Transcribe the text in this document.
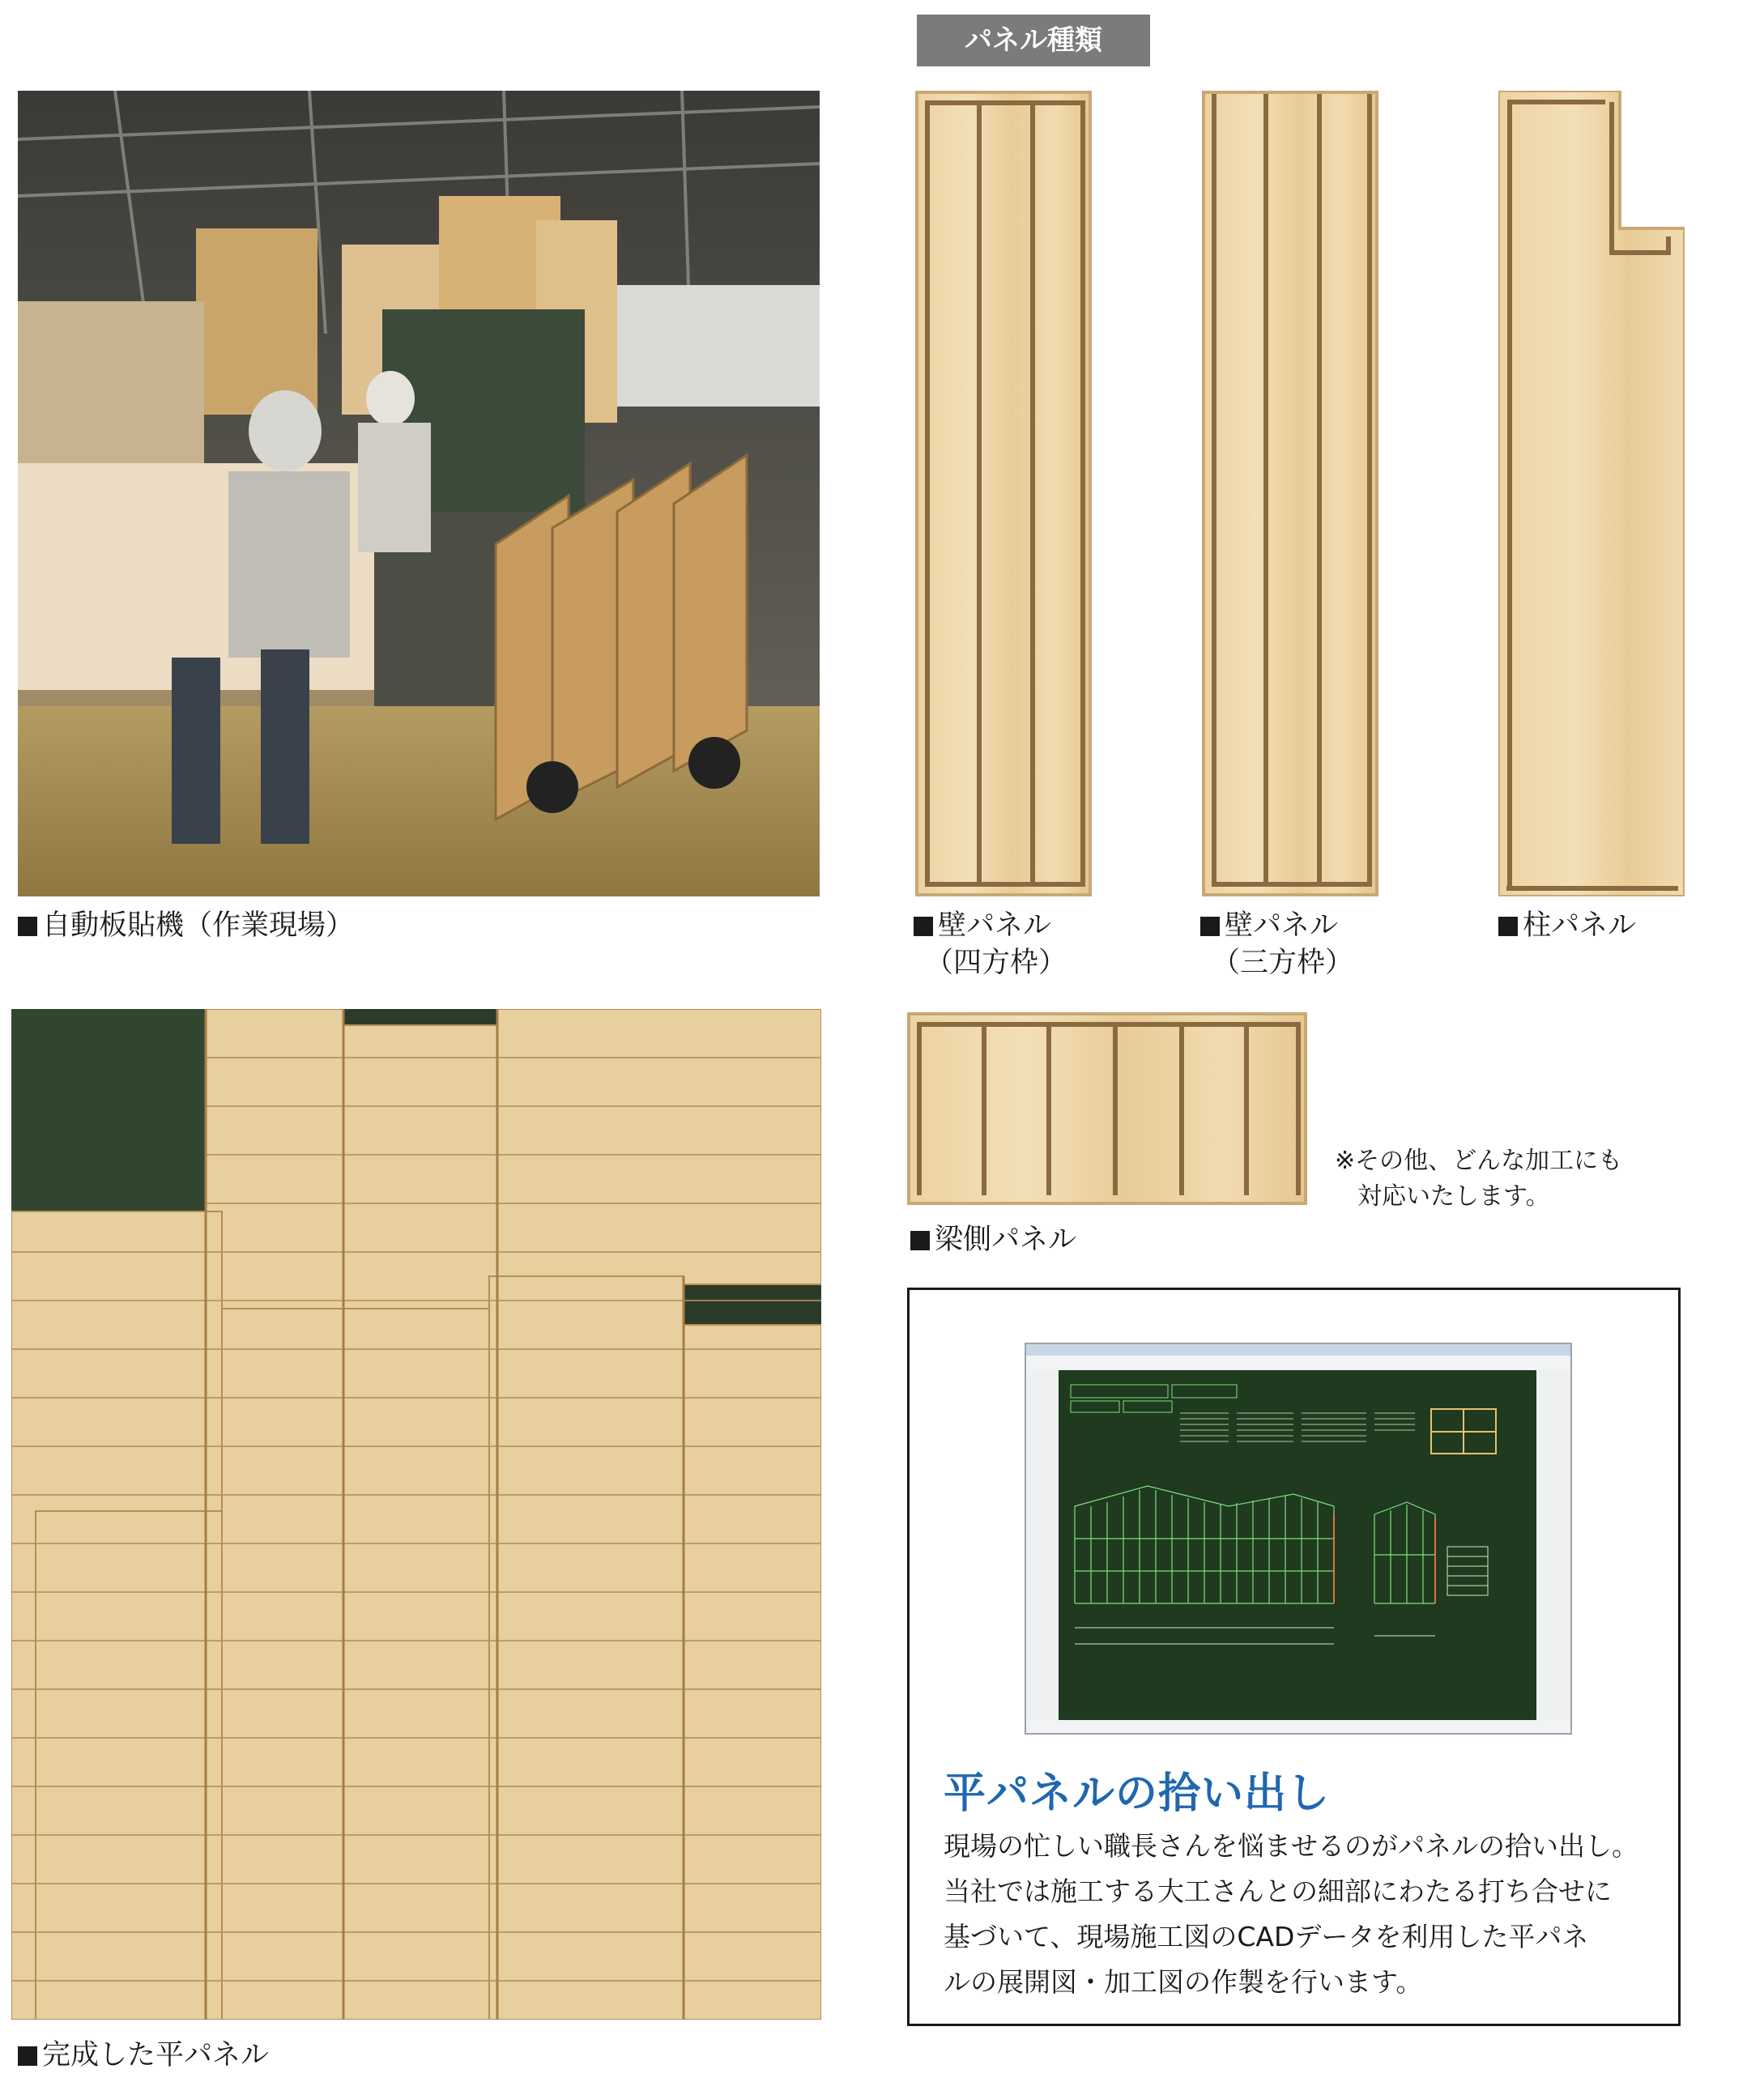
自動板貼機（作業現場）
完成した平パネル
パネル種類
壁パネル
（四方枠）
壁パネル
（三方枠）
柱パネル
梁側パネル
※その他、どんな加工にも
対応いたします。
平パネルの拾い出し
現場の忙しい職長さんを悩ませるのがパネルの拾い出し。
当社では施工する大工さんとの細部にわたる打ち合せに
基づいて、現場施工図のCADデータを利用した平パネ
ルの展開図・加工図の作製を行います。
